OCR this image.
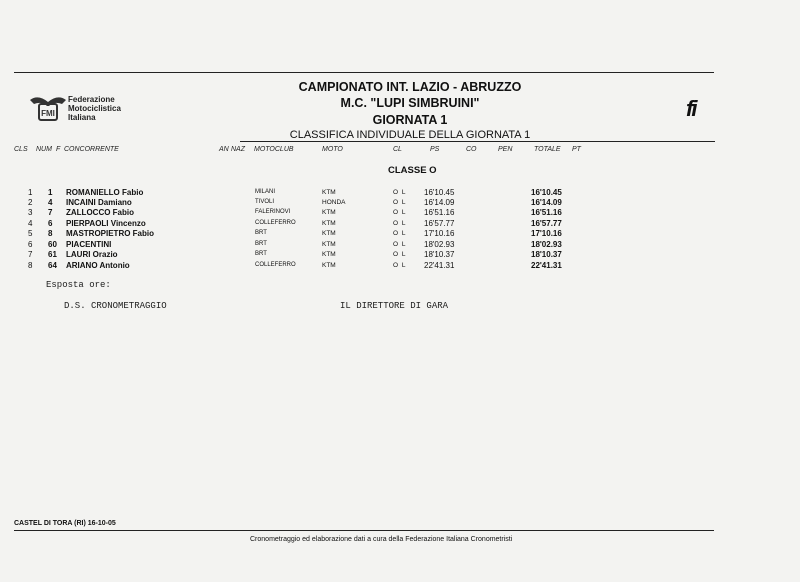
FMI
Federazione
Motociclistica
Italiana	fi
CAMPIONATO INT. LAZIO - ABRUZZO
M.C. "LUPI SIMBRUINI"
GIORNATA 1
CLASSIFICA INDIVIDUALE DELLA GIORNATA 1
CLS NUM F CONCORRENTE	AN NAZ MOTOCLUB	MOTO	CL	PS	CO	PEN	TOTALE PT
CLASSE O
1 1 ROMANIELLO Fabio	MILANI	KTM	O L 16'10.45	16'10.45
2 4 INCAINI Damiano	TIVOLI	HONDA	O L 16'14.09	16'14.09
3 7 ZALLOCCO Fabio	FALERINOVI	KTM	O L 16'51.16	16'51.16
4 6 PIERPAOLI Vincenzo	COLLEFERRO	KTM	O L 16'57.77	16'57.77
5 8 MASTROPIETRO Fabio	BRT	KTM	O L 17'10.16	17'10.16
6 60 PIACENTINI	BRT	KTM	O L 18'02.93	18'02.93
7 61 LAURI Orazio	BRT	KTM	O L 18'10.37	18'10.37
8 64 ARIANO Antonio	COLLEFERRO	KTM	O L 22'41.31	22'41.31
Esposta ore:
D.S. CRONOMETRAGGIO	IL DIRETTORE DI GARA
CASTEL DI TORA (RI) 16-10-05
Cronometraggio ed elaborazione dati a cura della Federazione Italiana Cronometristi
